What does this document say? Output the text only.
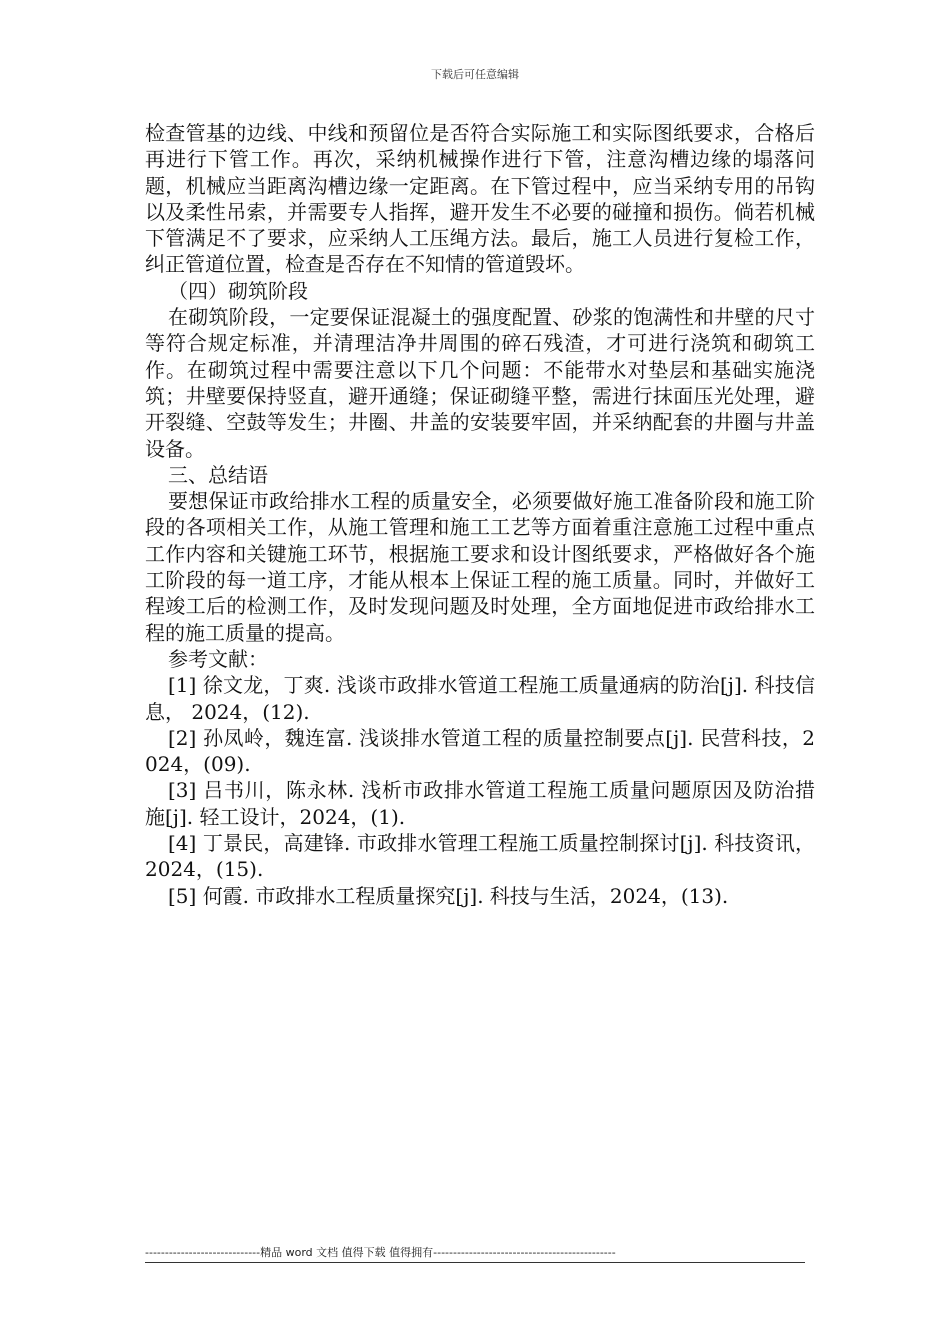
下载后可任意编辑

检查管基的边线、中线和预留位是否符合实际施工和实际图纸要求，合格后再进行下管工作。再次，采纳机械操作进行下管，注意沟槽边缘的塌落问题，机械应当距离沟槽边缘一定距离。在下管过程中，应当采纳专用的吊钩以及柔性吊索，并需要专人指挥，避开发生不必要的碰撞和损伤。倘若机械下管满足不了要求，应采纳人工压绳方法。最后，施工人员进行复检工作，纠正管道位置，检查是否存在不知情的管道毁坏。

（四）砌筑阶段

在砌筑阶段，一定要保证混凝土的强度配置、砂浆的饱满性和井壁的尺寸等符合规定标准，并清理洁净井周围的碎石残渣，才可进行浇筑和砌筑工作。在砌筑过程中需要注意以下几个问题：不能带水对垫层和基础实施浇筑；井壁要保持竖直，避开通缝；保证砌缝平整，需进行抹面压光处理，避开裂缝、空鼓等发生；井圈、井盖的安装要牢固，并采纳配套的井圈与井盖设备。

三、总结语

要想保证市政给排水工程的质量安全，必须要做好施工准备阶段和施工阶段的各项相关工作，从施工管理和施工工艺等方面着重注意施工过程中重点工作内容和关键施工环节，根据施工要求和设计图纸要求，严格做好各个施工阶段的每一道工序，才能从根本上保证工程的施工质量。同时，并做好工程竣工后的检测工作，及时发现问题及时处理，全方面地促进市政给排水工程的施工质量的提高。

参考文献：

[1] 徐文龙，丁爽. 浅谈市政排水管道工程施工质量通病的防治[j]. 科技信息， 2024，(12).

[2] 孙凤岭，魏连富. 浅谈排水管道工程的质量控制要点[j]. 民营科技，2024，(09).

[3] 吕书川，陈永林. 浅析市政排水管道工程施工质量问题原因及防治措施[j]. 轻工设计，2024，(1).

[4] 丁景民，高建锋. 市政排水管理工程施工质量控制探讨[j]. 科技资讯，2024，(15).

[5] 何霞. 市政排水工程质量探究[j]. 科技与生活，2024，(13).

-----------------------------精品 word 文档 值得下载 值得拥有----------------------------------------------
